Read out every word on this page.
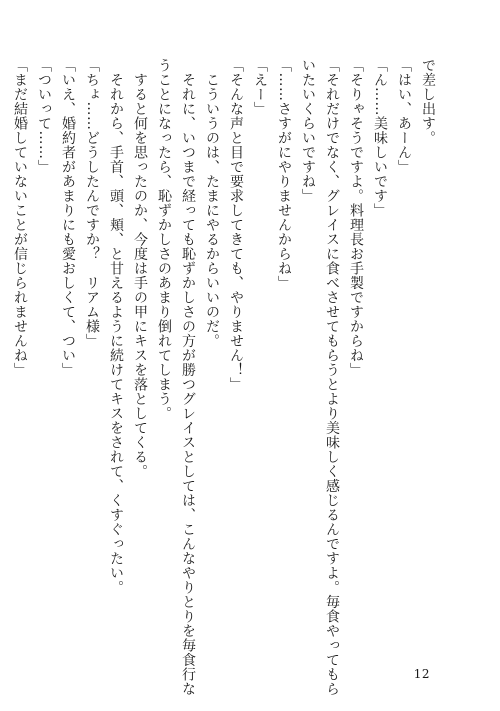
で差し出す。
「はい、あーん」
「ん……美味しいです」
「そりゃそうですよ。料理長お手製ですからね」
「それだけでなく、グレイスに食べさせてもらうとより美味しく感じるんですよ。毎食やってもら
いたいくらいですね」
「……さすがにやりませんからね」
「えー」
「そんな声と目で要求してきても、やりません！」
　こういうのは、たまにやるからいいのだ。
　それに、いつまで経っても恥ずかしさの方が勝つグレイスとしては、こんなやりとりを毎食行な
うことになったら、恥ずかしさのあまり倒れてしまう。
　すると何を思ったのか、今度は手の甲にキスを落としてくる。
　それから、手首、頭、頬、と甘えるように続けてキスをされて、くすぐったい。
「ちょ……どうしたんですか？　リアム様」
「いえ、婚約者があまりにも愛おしくて、つい」
「ついって……」
「まだ結婚していないことが信じられませんね」
12
